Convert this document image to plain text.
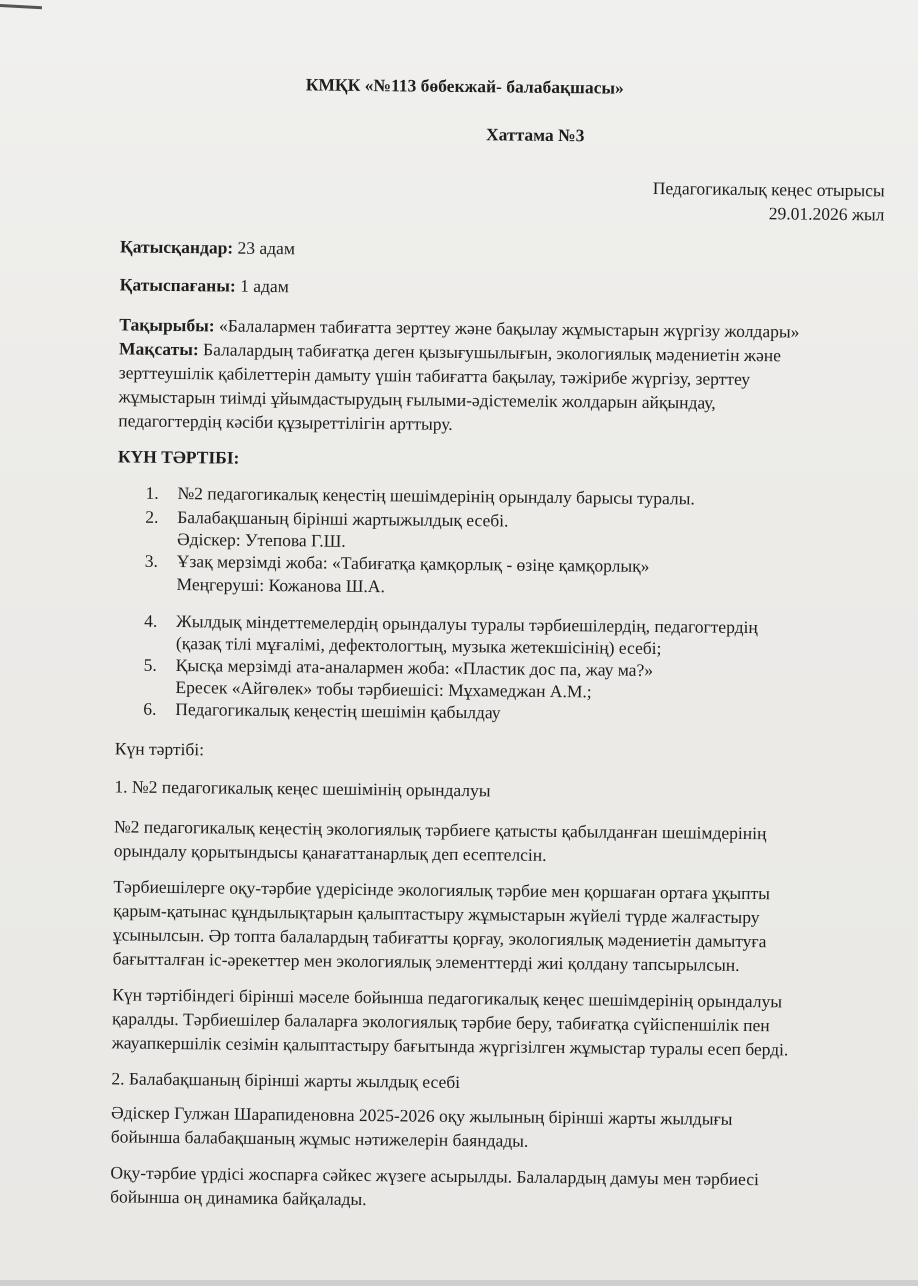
КМҚК «№113 бөбекжай- балабақшасы»
Хаттама №3
Педагогикалық кеңес отырысы
29.01.2026 жыл
Қатысқандар: 23 адам
Қатыспағаны: 1 адам
Тақырыбы: «Балалармен табиғатта зерттеу және бақылау жұмыстарын жүргізу жолдары»
Мақсаты: Балалардың табиғатқа деген қызығушылығын, экологиялық мәдениетін және
зерттеушілік қабілеттерін дамыту үшін табиғатта бақылау, тәжірибе жүргізу, зерттеу
жұмыстарын тиімді ұйымдастырудың ғылыми-әдістемелік жолдарын айқындау,
педагогтердің кәсіби құзыреттілігін арттыру.
КҮН ТӘРТІБІ:
1. №2 педагогикалық кеңестің шешімдерінің орындалу барысы туралы.
2. Балабақшаның бірінші жартыжылдық есебі.
Әдіскер: Утепова Г.Ш.
3. Ұзақ мерзімді жоба: «Табиғатқа қамқорлық - өзіңе қамқорлық»
Меңгеруші: Кожанова Ш.А.
4. Жылдық міндеттемелердің орындалуы туралы тәрбиешілердің, педагогтердің
(қазақ тілі мұғалімі, дефектологтың, музыка жетекшісінің) есебі;
5. Қысқа мерзімді ата-аналармен жоба: «Пластик дос па, жау ма?»
Ересек «Айгөлек» тобы тәрбиешісі: Мұхамеджан А.М.;
6. Педагогикалық кеңестің шешімін қабылдау
Күн тәртібі:
1. №2 педагогикалық кеңес шешімінің орындалуы
№2 педагогикалық кеңестің экологиялық тәрбиеге қатысты қабылданған шешімдерінің
орындалу қорытындысы қанағаттанарлық деп есептелсін.
Тәрбиешілерге оқу-тәрбие үдерісінде экологиялық тәрбие мен қоршаған ортаға ұқыпты
қарым-қатынас құндылықтарын қалыптастыру жұмыстарын жүйелі түрде жалғастыру
ұсынылсын. Әр топта балалардың табиғатты қорғау, экологиялық мәдениетін дамытуға
бағытталған іс-әрекеттер мен экологиялық элементтерді жиі қолдану тапсырылсын.
Күн тәртібіндегі бірінші мәселе бойынша педагогикалық кеңес шешімдерінің орындалуы
қаралды. Тәрбиешілер балаларға экологиялық тәрбие беру, табиғатқа сүйіспеншілік пен
жауапкершілік сезімін қалыптастыру бағытында жүргізілген жұмыстар туралы есеп берді.
2. Балабақшаның бірінші жарты жылдық есебі
Әдіскер Гулжан Шарапиденовна 2025-2026 оқу жылының бірінші жарты жылдығы
бойынша балабақшаның жұмыс нәтижелерін баяндады.
Оқу-тәрбие үрдісі жоспарға сәйкес жүзеге асырылды. Балалардың дамуы мен тәрбиесі
бойынша оң динамика байқалады.
